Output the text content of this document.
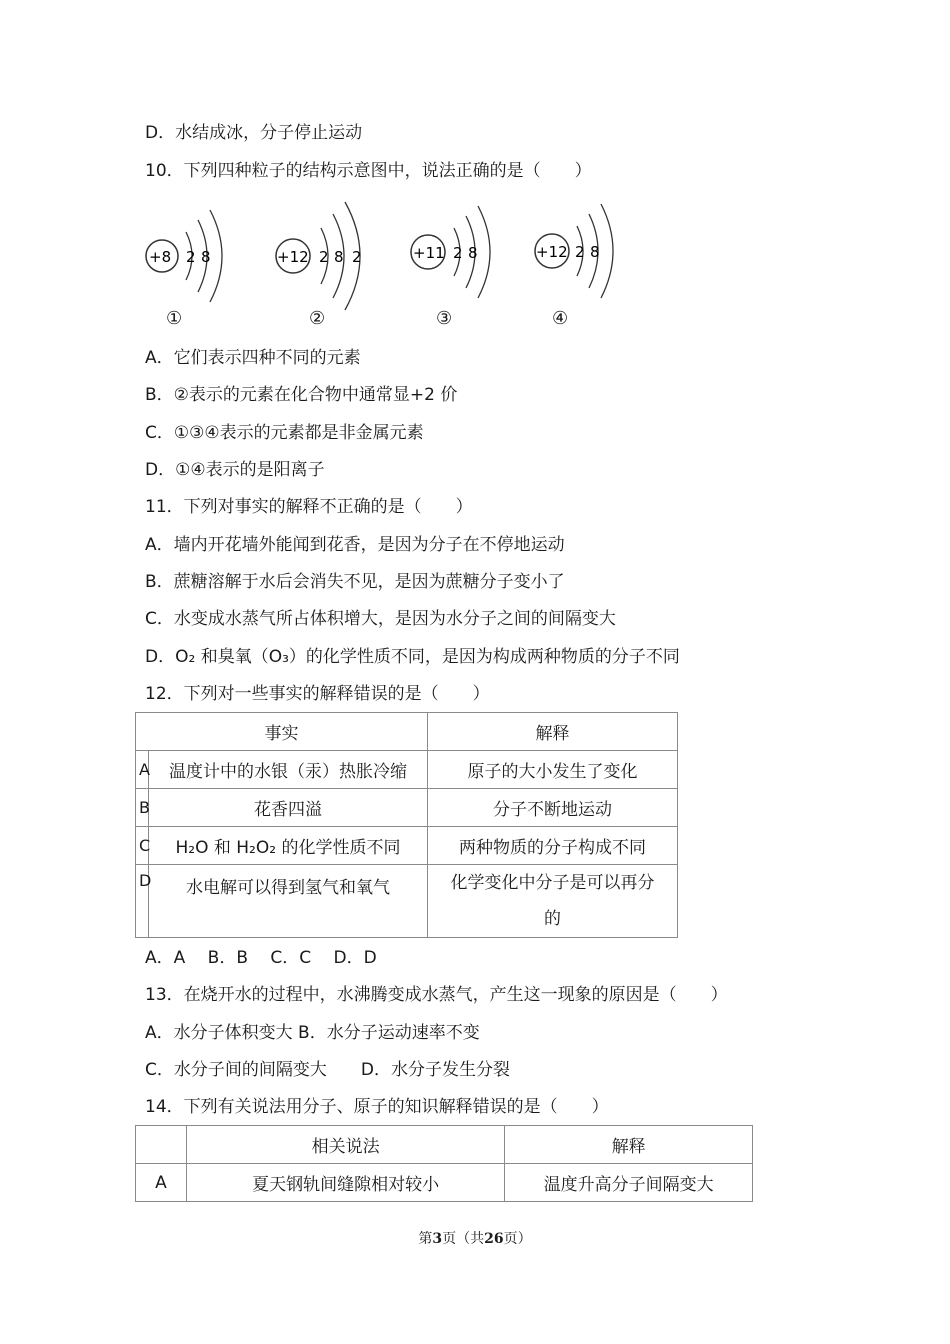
D．水结成冰，分子停止运动
10．下列四种粒子的结构示意图中，说法正确的是（　　）
+8 2 8
①
+12 2 8 2
②
+11 2 8
③
+12 2 8
④
A．它们表示四种不同的元素
B．②表示的元素在化合物中通常显+2 价
C．①③④表示的元素都是非金属元素
D．①④表示的是阳离子
11．下列对事实的解释不正确的是（　　）
A．墙内开花墙外能闻到花香，是因为分子在不停地运动
B．蔗糖溶解于水后会消失不见，是因为蔗糖分子变小了
C．水变成水蒸气所占体积增大，是因为水分子之间的间隔变大
D．O₂ 和臭氧（O₃）的化学性质不同，是因为构成两种物质的分子不同
12．下列对一些事实的解释错误的是（　　）
事实		解释
A	温度计中的水银（汞）热胀冷缩	原子的大小发生了变化
B	花香四溢	分子不断地运动
C	H₂O 和 H₂O₂ 的化学性质不同	两种物质的分子构成不同
D	水电解可以得到氢气和氧气	化学变化中分子是可以再分
的
A．A　 B．B　 C．C　 D．D
13．在烧开水的过程中，水沸腾变成水蒸气，产生这一现象的原因是（　　）
A．水分子体积变大 B．水分子运动速率不变
C．水分子间的间隔变大　　D．水分子发生分裂
14．下列有关说法用分子、原子的知识解释错误的是（　　）
	相关说法	解释
A	夏天钢轨间缝隙相对较小	温度升高分子间隔变大
第3页（共26页）
